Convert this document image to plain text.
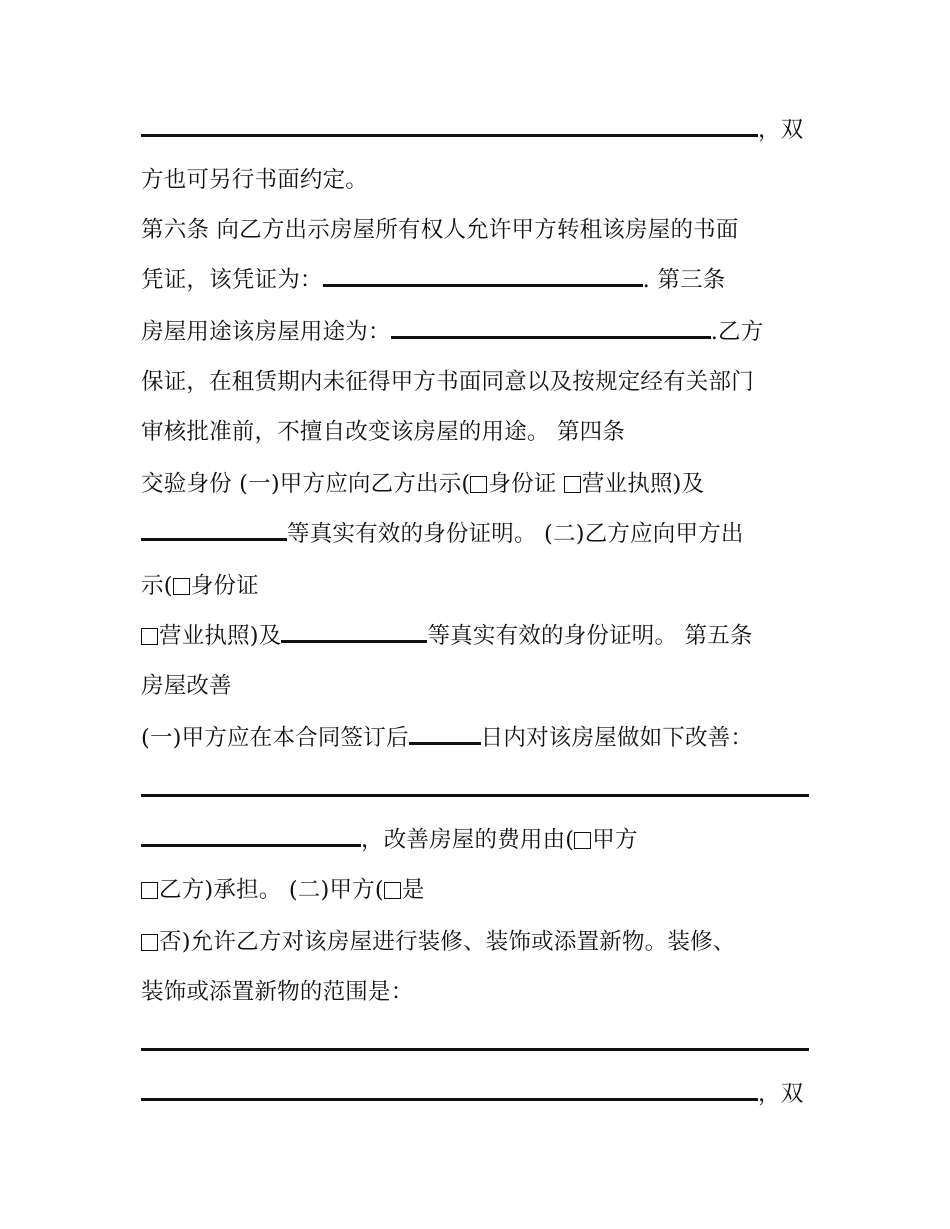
，双
方也可另行书面约定。
第六条 向乙方出示房屋所有权人允许甲方转租该房屋的书面
凭证，该凭证为：	. 第三条
房屋用途该房屋用途为：	.乙方
保证，在租赁期内未征得甲方书面同意以及按规定经有关部门
审核批准前，不擅自改变该房屋的用途。 第四条
交验身份 (一)甲方应向乙方出示( 身份证 营业执照)及
等真实有效的身份证明。 (二)乙方应向甲方出
示( 身份证
营业执照)及	等真实有效的身份证明。 第五条
房屋改善
(一)甲方应在本合同签订后	日内对该房屋做如下改善：
，改善房屋的费用由( 甲方
乙方)承担。 (二)甲方( 是
否)允许乙方对该房屋进行装修、装饰或添置新物。装修、
装饰或添置新物的范围是：
，双
